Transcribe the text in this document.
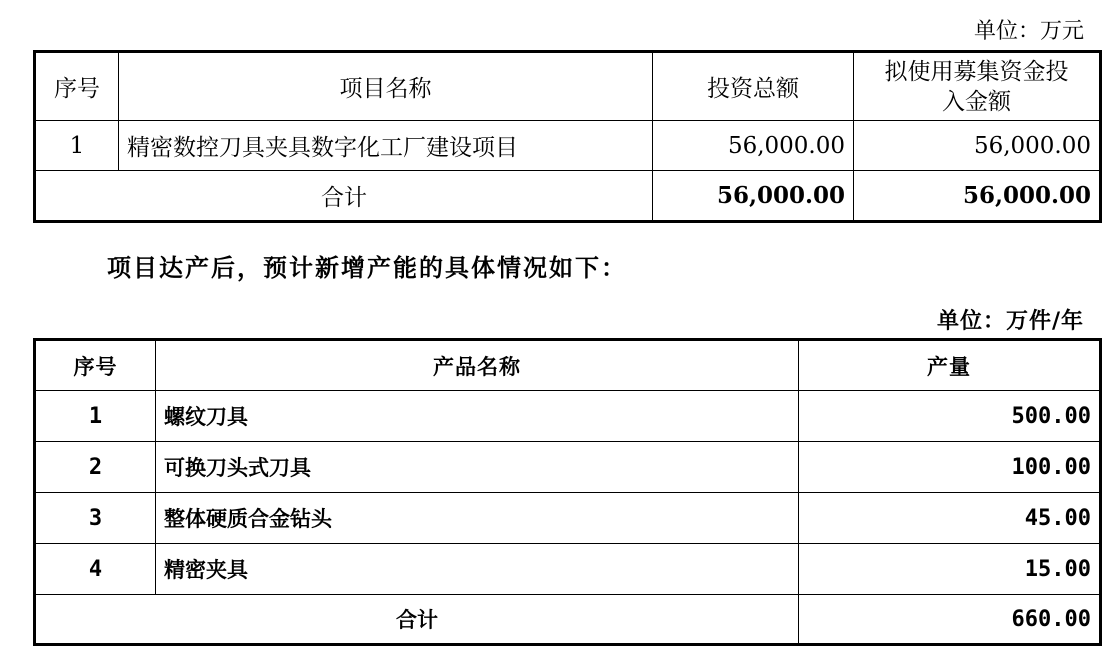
单位：万元
序号	项目名称	投资总额	拟使用募集资金投
入金额

1	精密数控刀具夹具数字化工厂建设项目	56,000.00	56,000.00
合计		56,000.00	56,000.00
项目达产后，预计新增产能的具体情况如下：
单位：万件/年
序号	产品名称	产量
1	螺纹刀具	500.00
2	可换刀头式刀具	100.00
3	整体硬质合金钻头	45.00
4	精密夹具	15.00
合计		660.00
